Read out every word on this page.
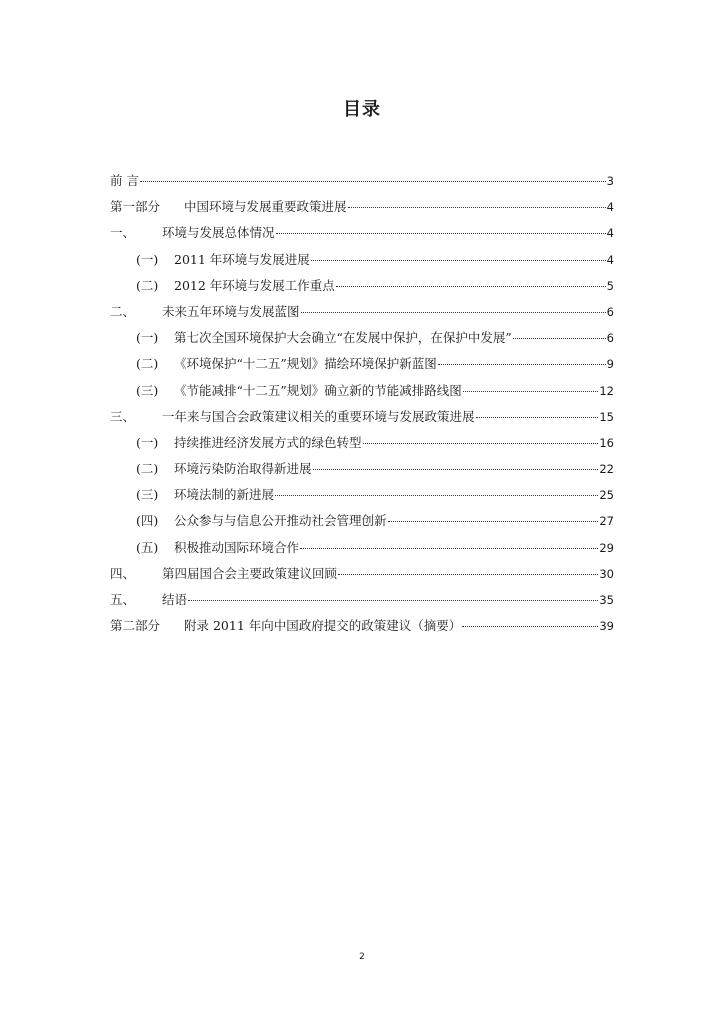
目录
前 言	3
第一部分	中国环境与发展重要政策进展	4
一、	环境与发展总体情况	4
(一)	2011 年环境与发展进展	4
(二)	2012 年环境与发展工作重点	5
二、	未来五年环境与发展蓝图	6
(一)	第七次全国环境保护大会确立“在发展中保护，在保护中发展”	6
(二)	《环境保护“十二五”规划》描绘环境保护新蓝图	9
(三)	《节能减排“十二五”规划》确立新的节能减排路线图	12
三、	一年来与国合会政策建议相关的重要环境与发展政策进展	15
(一)	持续推进经济发展方式的绿色转型	16
(二)	环境污染防治取得新进展	22
(三)	环境法制的新进展	25
(四)	公众参与与信息公开推动社会管理创新	27
(五)	积极推动国际环境合作	29
四、	第四届国合会主要政策建议回顾	30
五、	结语	35
第二部分	附录 2011 年向中国政府提交的政策建议（摘要）	39
2
